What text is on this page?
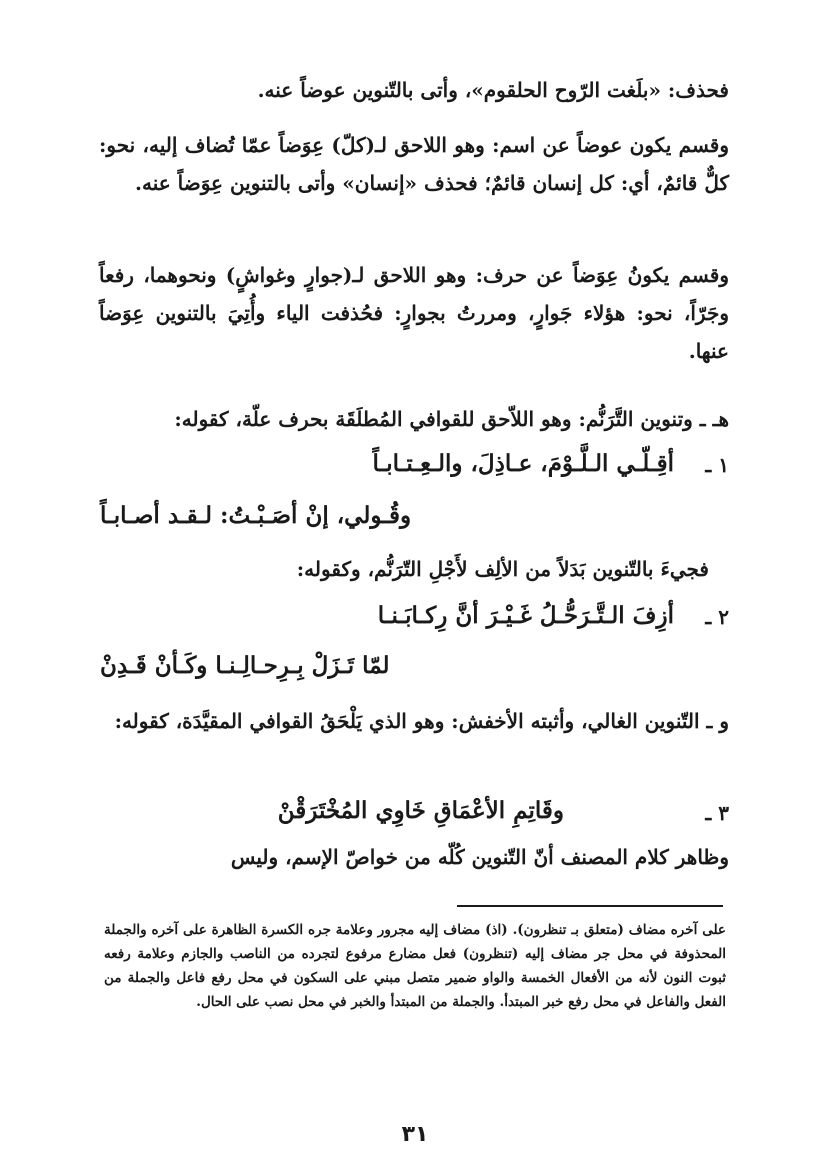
فحذف: «بلَغت الرّوح الحلقوم»، وأتى بالتّنوين عوضاً عنه.

وقسم يكون عوضاً عن اسم: وهو اللاحق لـ(كلّ) عِوَضاً عمّا تُضاف إليه، نحو: كلٌّ قائمٌ، أي: كل إنسان قائمٌ؛ فحذف «إنسان» وأتى بالتنوين عِوَضاً عنه.

وقسم يكونُ عِوَضاً عن حرف: وهو اللاحق لـ(جوارٍ وغواشٍ) ونحوهما، رفعاً وجَرّاً، نحو: هؤلاء جَوارٍ، ومررتُ بجوارٍ: فحُذفت الياء وأُتِيَ بالتنوين عِوَضاً عنها.

هـ ـ وتنوين التَّرَنُّم: وهو اللاّحق للقوافي المُطلَقَة بحرف علّة، كقوله:

١ ـ

أقِـلّـي الـلَّـوْمَ، عـاذِلَ، والـعِـتـابـاً

وقُـولي، إنْ أصَـبْـتُ: لـقـد أصـابـاً

فجيءَ بالتّنوين بَدَلاً من الألِف لأَجْلِ التّرَنُّم، وكقوله:

٢ ـ

أزِفَ الـتَّـرَحُّـلُ غَـيْـرَ أنَّ رِكـابَـنـا

لمّا تَـزَلْ بِـرِحـالِـنـا وكَـأنْ قَـدِنْ

و ـ التّنوين الغالي، وأثبته الأخفش: وهو الذي يَلْحَقُ القوافي المقيَّدَة، كقوله:

٣ ـ

وقَاتِمِ الأعْمَاقِ خَاوِي المُخْتَرَقْنْ

وظاهر كلام المصنف أنّ التّنوين كُلّه من خواصّ الإسم، وليس

على آخره مضاف (متعلق بـ تنظرون). (اذ) مضاف إليه مجرور وعلامة جره الكسرة الظاهرة على آخره والجملة المحذوفة في محل جر مضاف إليه (تنظرون) فعل مضارع مرفوع لتجرده من الناصب والجازم وعلامة رفعه ثبوت النون لأنه من الأفعال الخمسة والواو ضمير متصل مبني على السكون في محل رفع فاعل والجملة من الفعل والفاعل في محل رفع خبر المبتدأ. والجملة من المبتدأ والخبر في محل نصب على الحال.

٣١
